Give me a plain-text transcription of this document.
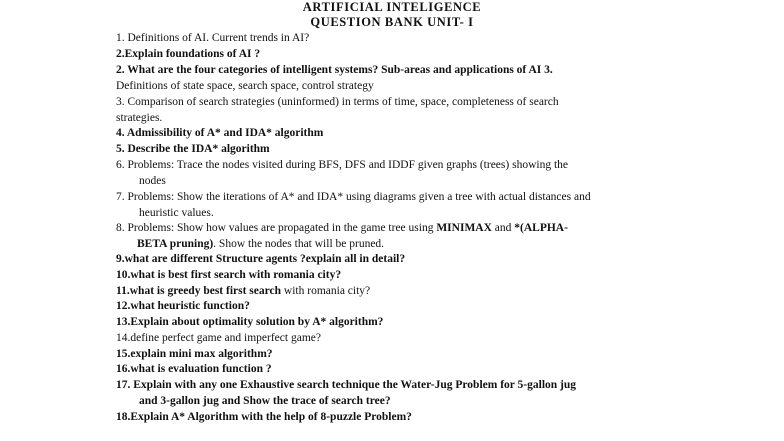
ARTIFICIAL INTELIGENCE
QUESTION BANK UNIT- I
1. Definitions of AI. Current trends in AI?
2.Explain foundations of AI ?
2. What are the four categories of intelligent systems? Sub-areas and applications of AI 3.
Definitions of state space, search space, control strategy
3. Comparison of search strategies (uninformed) in terms of time, space, completeness of search
strategies.
4. Admissibility of A* and IDA* algorithm
5. Describe the IDA* algorithm
6. Problems: Trace the nodes visited during BFS, DFS and IDDF given graphs (trees) showing the
nodes
7. Problems: Show the iterations of A* and IDA* using diagrams given a tree with actual distances and
heuristic values.
8. Problems: Show how values are propagated in the game tree using MINIMAX and *(ALPHA-
BETA pruning). Show the nodes that will be pruned.
9.what are different Structure agents ?explain all in detail?
10.what is best first search with romania city?
11.what is greedy best first search with romania city?
12.what heuristic function?
13.Explain about optimality solution by A* algorithm?
14.define perfect game and imperfect game?
15.explain mini max algorithm?
16.what is evaluation function ?
17. Explain with any one Exhaustive search technique the Water-Jug Problem for 5-gallon jug
and 3-gallon jug and Show the trace of search tree?
18.Explain A* Algorithm with the help of 8-puzzle Problem?
